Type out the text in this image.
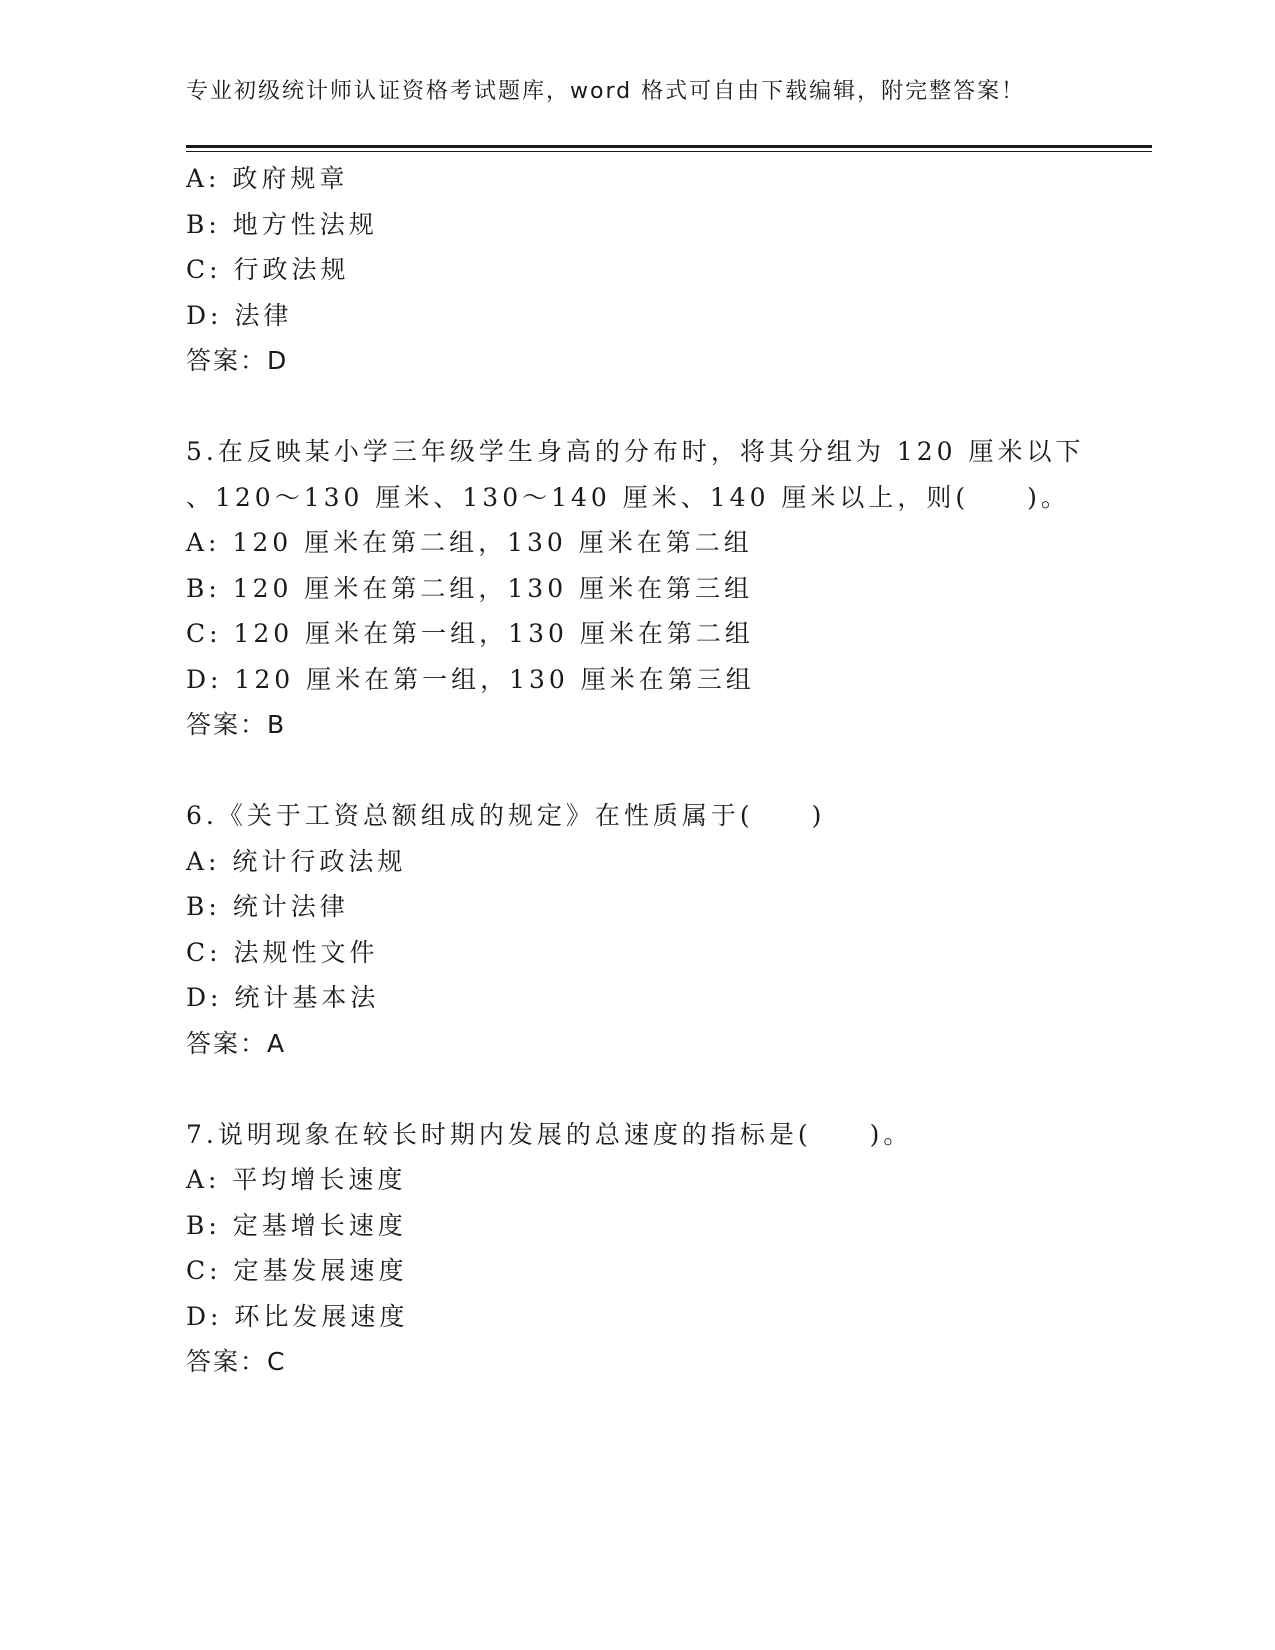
专业初级统计师认证资格考试题库，word 格式可自由下载编辑，附完整答案！
A: 政府规章
B: 地方性法规
C: 行政法规
D: 法律
答案：D
5.在反映某小学三年级学生身高的分布时，将其分组为 120 厘米以下
、120～130 厘米、130～140 厘米、140 厘米以上，则(　　)。
A: 120 厘米在第二组，130 厘米在第二组
B: 120 厘米在第二组，130 厘米在第三组
C: 120 厘米在第一组，130 厘米在第二组
D: 120 厘米在第一组，130 厘米在第三组
答案：B
6.《关于工资总额组成的规定》在性质属于(　　)
A: 统计行政法规
B: 统计法律
C: 法规性文件
D: 统计基本法
答案：A
7.说明现象在较长时期内发展的总速度的指标是(　　)。
A: 平均增长速度
B: 定基增长速度
C: 定基发展速度
D: 环比发展速度
答案：C
